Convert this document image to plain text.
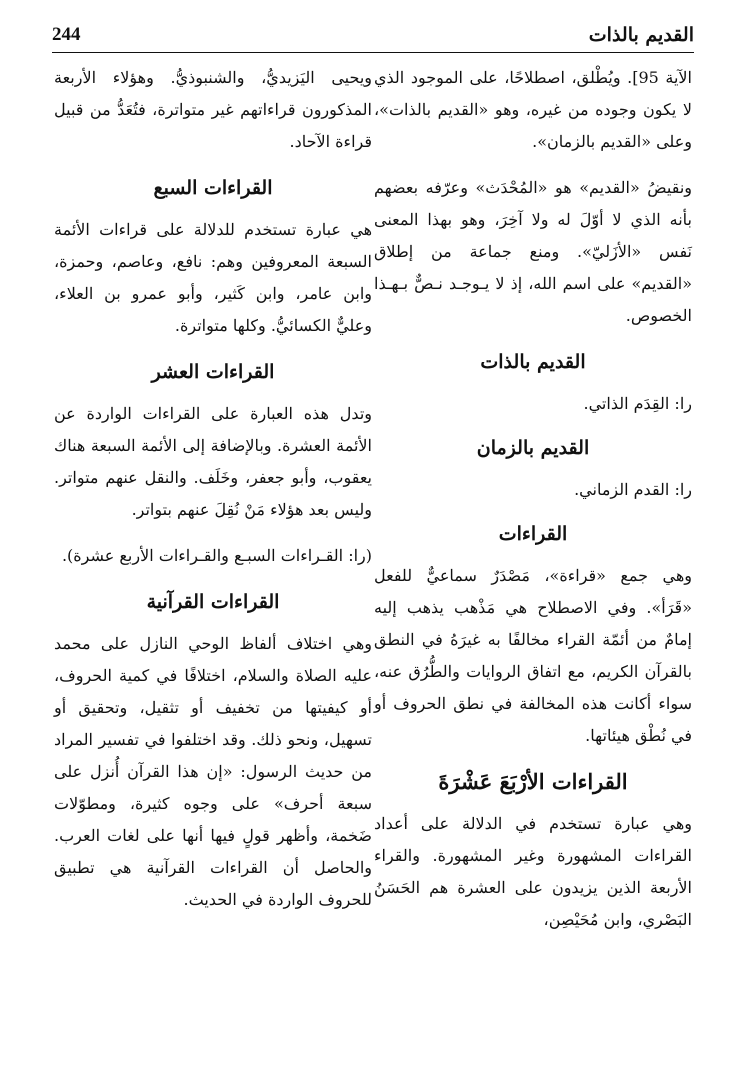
القديم بالذات
244

الآية 95]. ويُطْلق، اصطلاحًا، على الموجود الذي لا يكون وجوده من غيره، وهو «القديم بالذات»، وعلى «القديم بالزمان».

ونقيضُ «القديم» هو «المُحْدَث» وعرّفه بعضهم بأنه الذي لا أوّلَ له ولا آخِرَ، وهو بهذا المعنى نَفس «الأزَليّ». ومنع جماعة من إطلاق «القديم» على اسم الله، إذ لا يـوجـد نـصٌّ بـهـذا الخصوص.

القديم بالذات

را: القِدَم الذاتي.

القديم بالزمان

را: القدم الزماني.

القراءات

وهي جمع «قراءة»، مَصْدَرٌ سماعيٌّ للفعل «قَرَأ». وفي الاصطلاح هي مَذْهب يذهب إليه إمامٌ من أئمّة القراء مخالفًا به غيرَهُ في النطق بالقرآن الكريم، مع اتفاق الروايات والطُّرُق عنه، سواء أكانت هذه المخالفة في نطق الحروف أو في نُطْق هيئاتها.

القراءات الأرْبَعَ عَشْرَةَ

وهي عبارة تستخدم في الدلالة على أعداد القراءات المشهورة وغير المشهورة. والقراء الأربعة الذين يزيدون على العشرة هم الحَسَنُ البَصْري، وابن مُحَيْصِن،

ويحيى اليَزيديُّ، والشنبوذيُّ. وهؤلاء الأربعة المذكورون قراءاتهم غير متواترة، فتُعَدُّ من قبيل قراءة الآحاد.

القراءات السبع

هي عبارة تستخدم للدلالة على قراءات الأئمة السبعة المعروفين وهم: نافع، وعاصم، وحمزة، وابن عامر، وابن كَثير، وأبو عمرو بن العلاء، وعليٌّ الكسائيُّ. وكلها متواترة.

القراءات العشر

وتدل هذه العبارة على القراءات الواردة عن الأئمة العشرة. وبالإضافة إلى الأئمة السبعة هناك يعقوب، وأبو جعفر، وخَلَف. والنقل عنهم متواتر. وليس بعد هؤلاء مَنْ نُقِلَ عنهم بتواتر.

(را: القـراءات السبـع والقـراءات الأربع عشرة).

القراءات القرآنية

وهي اختلاف ألفاظ الوحي النازل على محمد عليه الصلاة والسلام، اختلافًا في كمية الحروف، أو كيفيتها من تخفيف أو تثقيل، وتحقيق أو تسهيل، ونحو ذلك. وقد اختلفوا في تفسير المراد من حديث الرسول: «إن هذا القرآن أُنزل على سبعة أحرف» على وجوه كثيرة، ومطوّلات ضَخمة، وأظهر قولٍ فيها أنها على لغات العرب. والحاصل أن القراءات القرآنية هي تطبيق للحروف الواردة في الحديث.
